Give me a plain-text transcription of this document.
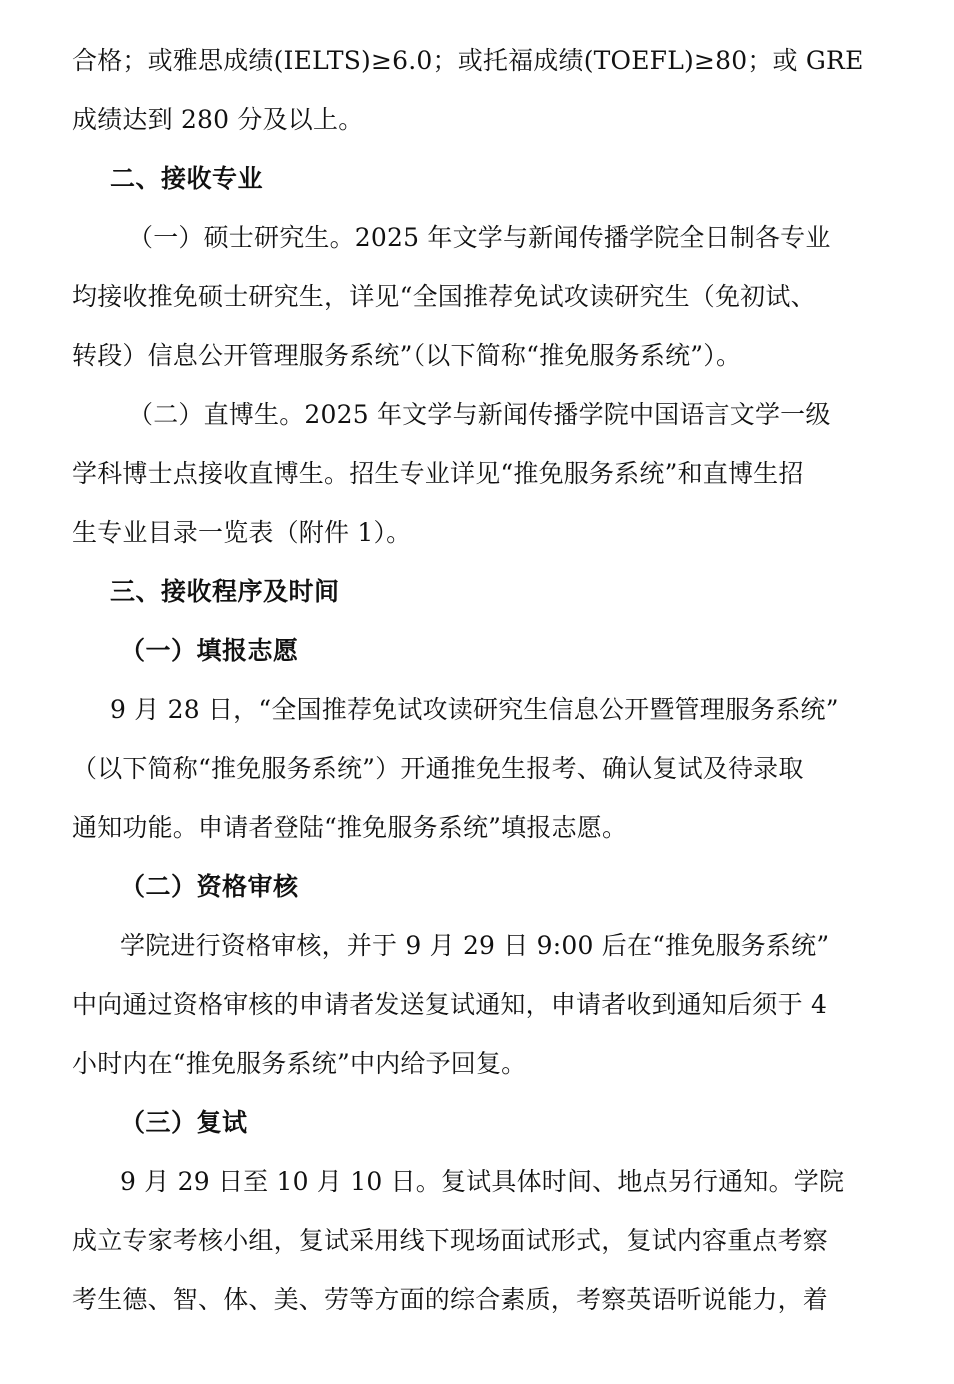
合格；或雅思成绩(IELTS)≥6.0；或托福成绩(TOEFL)≥80；或 GRE
成绩达到 280 分及以上。
二、接收专业
（一）硕士研究生。2025 年文学与新闻传播学院全日制各专业
均接收推免硕士研究生，详见“全国推荐免试攻读研究生（免初试、
转段）信息公开管理服务系统”（以下简称“推免服务系统”）。
（二）直博生。2025 年文学与新闻传播学院中国语言文学一级
学科博士点接收直博生。招生专业详见“推免服务系统”和直博生招
生专业目录一览表（附件 1）。
三、接收程序及时间
（一）填报志愿
9 月 28 日，“全国推荐免试攻读研究生信息公开暨管理服务系统”
（以下简称“推免服务系统”）开通推免生报考、确认复试及待录取
通知功能。申请者登陆“推免服务系统”填报志愿。
（二）资格审核
学院进行资格审核，并于 9 月 29 日 9:00 后在“推免服务系统”
中向通过资格审核的申请者发送复试通知，申请者收到通知后须于 4
小时内在“推免服务系统”中内给予回复。
（三）复试
9 月 29 日至 10 月 10 日。复试具体时间、地点另行通知。学院
成立专家考核小组，复试采用线下现场面试形式，复试内容重点考察
考生德、智、体、美、劳等方面的综合素质，考察英语听说能力，着
